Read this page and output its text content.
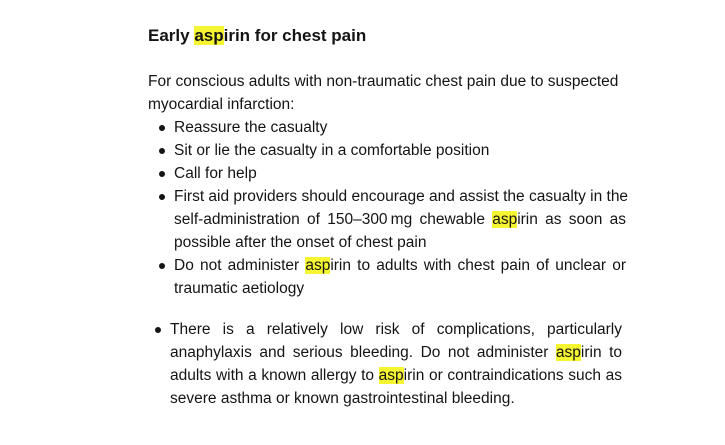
Early aspirin for chest pain
For conscious adults with non-traumatic chest pain due to suspected
myocardial infarction:
Reassure the casualty
Sit or lie the casualty in a comfortable position
Call for help
First aid providers should encourage and assist the casualty in the
self-administration of 150–300 mg chewable aspirin as soon as
possible after the onset of chest pain
Do not administer aspirin to adults with chest pain of unclear or
traumatic aetiology
There is a relatively low risk of complications, particularly
anaphylaxis and serious bleeding. Do not administer aspirin to
adults with a known allergy to aspirin or contraindications such as
severe asthma or known gastrointestinal bleeding.
